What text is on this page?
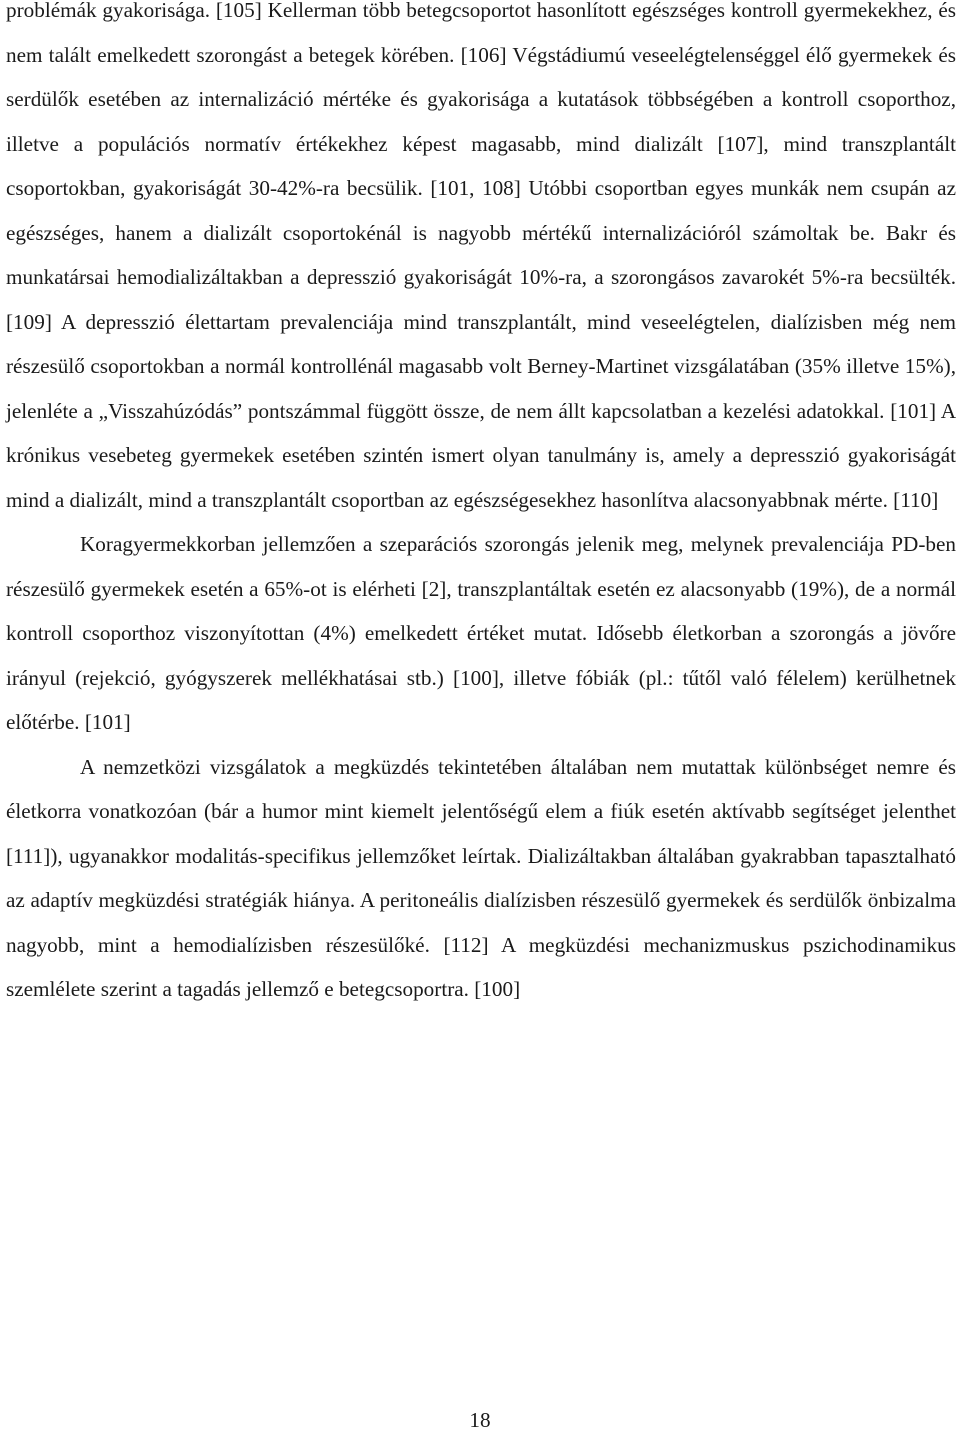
problémák gyakorisága. [105] Kellerman több betegcsoportot hasonlított egészséges kontroll gyermekekhez, és nem talált emelkedett szorongást a betegek körében. [106] Végstádiumú veseelégtelenséggel élő gyermekek és serdülők esetében az internalizáció mértéke és gyakorisága a kutatások többségében a kontroll csoporthoz, illetve a populációs normatív értékekhez képest magasabb, mind dializált [107], mind transzplantált csoportokban, gyakoriságát 30-42%-ra becsülik. [101, 108] Utóbbi csoportban egyes munkák nem csupán az egészséges, hanem a dializált csoportokénál is nagyobb mértékű internalizációról számoltak be. Bakr és munkatársai hemodializáltakban a depresszió gyakoriságát 10%-ra, a szorongásos zavarokét 5%-ra becsülték. [109] A depresszió élettartam prevalenciája mind transzplantált, mind veseelégtelen, dialízisben még nem részesülő csoportokban a normál kontrollénál magasabb volt Berney-Martinet vizsgálatában (35% illetve 15%), jelenléte a „Visszahúzódás” pontszámmal függött össze, de nem állt kapcsolatban a kezelési adatokkal. [101] A krónikus vesebeteg gyermekek esetében szintén ismert olyan tanulmány is, amely a depresszió gyakoriságát mind a dializált, mind a transzplantált csoportban az egészségesekhez hasonlítva alacsonyabbnak mérte. [110]

Koragyermekkorban jellemzően a szeparációs szorongás jelenik meg, melynek prevalenciája PD-ben részesülő gyermekek esetén a 65%-ot is elérheti [2], transzplantáltak esetén ez alacsonyabb (19%), de a normál kontroll csoporthoz viszonyítottan (4%) emelkedett értéket mutat. Idősebb életkorban a szorongás a jövőre irányul (rejekció, gyógyszerek mellékhatásai stb.) [100], illetve fóbiák (pl.: tűtől való félelem) kerülhetnek előtérbe. [101]

A nemzetközi vizsgálatok a megküzdés tekintetében általában nem mutattak különbséget nemre és életkorra vonatkozóan (bár a humor mint kiemelt jelentőségű elem a fiúk esetén aktívabb segítséget jelenthet [111]), ugyanakkor modalitás-specifikus jellemzőket leírtak. Dializáltakban általában gyakrabban tapasztalható az adaptív megküzdési stratégiák hiánya. A peritoneális dialízisben részesülő gyermekek és serdülők önbizalma nagyobb, mint a hemodialízisben részesülőké. [112] A megküzdési mechanizmuskus pszichodinamikus szemlélete szerint a tagadás jellemző e betegcsoportra. [100]

18
